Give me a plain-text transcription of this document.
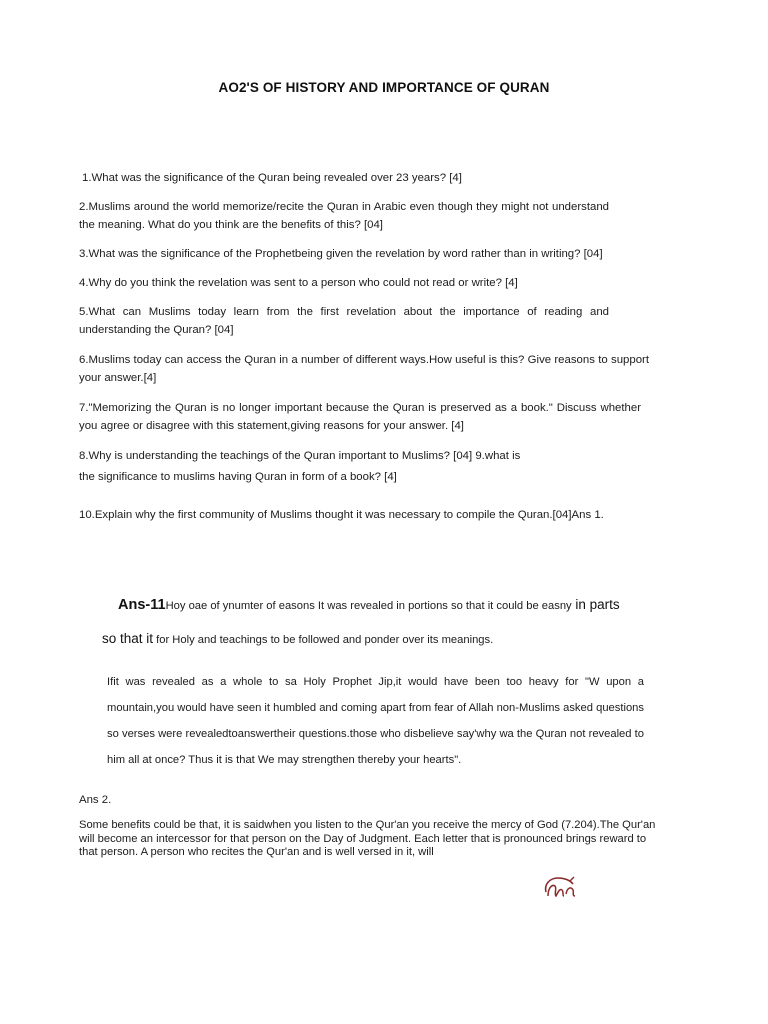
AO2'S OF HISTORY AND IMPORTANCE OF QURAN

1.What was the significance of the Quran being revealed over 23 years? [4]

2.Muslims around the world memorize/recite the Quran in Arabic even though they might not understand the meaning. What do you think are the benefits of this? [04]

3.What was the significance of the Prophetbeing given the revelation by word rather than in writing? [04]

4.Why do you think the revelation was sent to a person who could not read or write? [4]

5.What can Muslims today learn from the first revelation about the importance of reading and understanding the Quran? [04]

6.Muslims today can access the Quran in a number of different ways.How useful is this? Give reasons to support your answer.[4]

7."Memorizing the Quran is no longer important because the Quran is preserved as a book." Discuss whether you agree or disagree with this statement,giving reasons for your answer. [4]

8.Why is understanding the teachings of the Quran important to Muslims? [04] 9.what is

the significance to muslims having Quran in form of a book? [4]

10.Explain why the first community of Muslims thought it was necessary to compile the Quran.[04]Ans 1.

Ans-11Hoy oae of ynumter of easons It was revealed in portions so that it could be easny in parts
so that it for Holy and teachings to be followed and ponder over its meanings.

Ifit was revealed as a whole to sa Holy Prophet Jip,it would have been too heavy for "W upon a mountain,you would have seen it humbled and coming apart from fear of Allah non-Muslims asked questions so verses were revealedtoanswertheir questions.those who disbelieve say'why wa the Quran not revealed to him all at once? Thus it is that We may strengthen thereby your hearts".

Ans 2.

Some benefits could be that, it is saidwhen you listen to the Qur'an you receive the mercy of God (7.204).The Qur'an will become an intercessor for that person on the Day of Judgment. Each letter that is pronounced brings reward to that person. A person who recites the Qur'an and is well versed in it, will
